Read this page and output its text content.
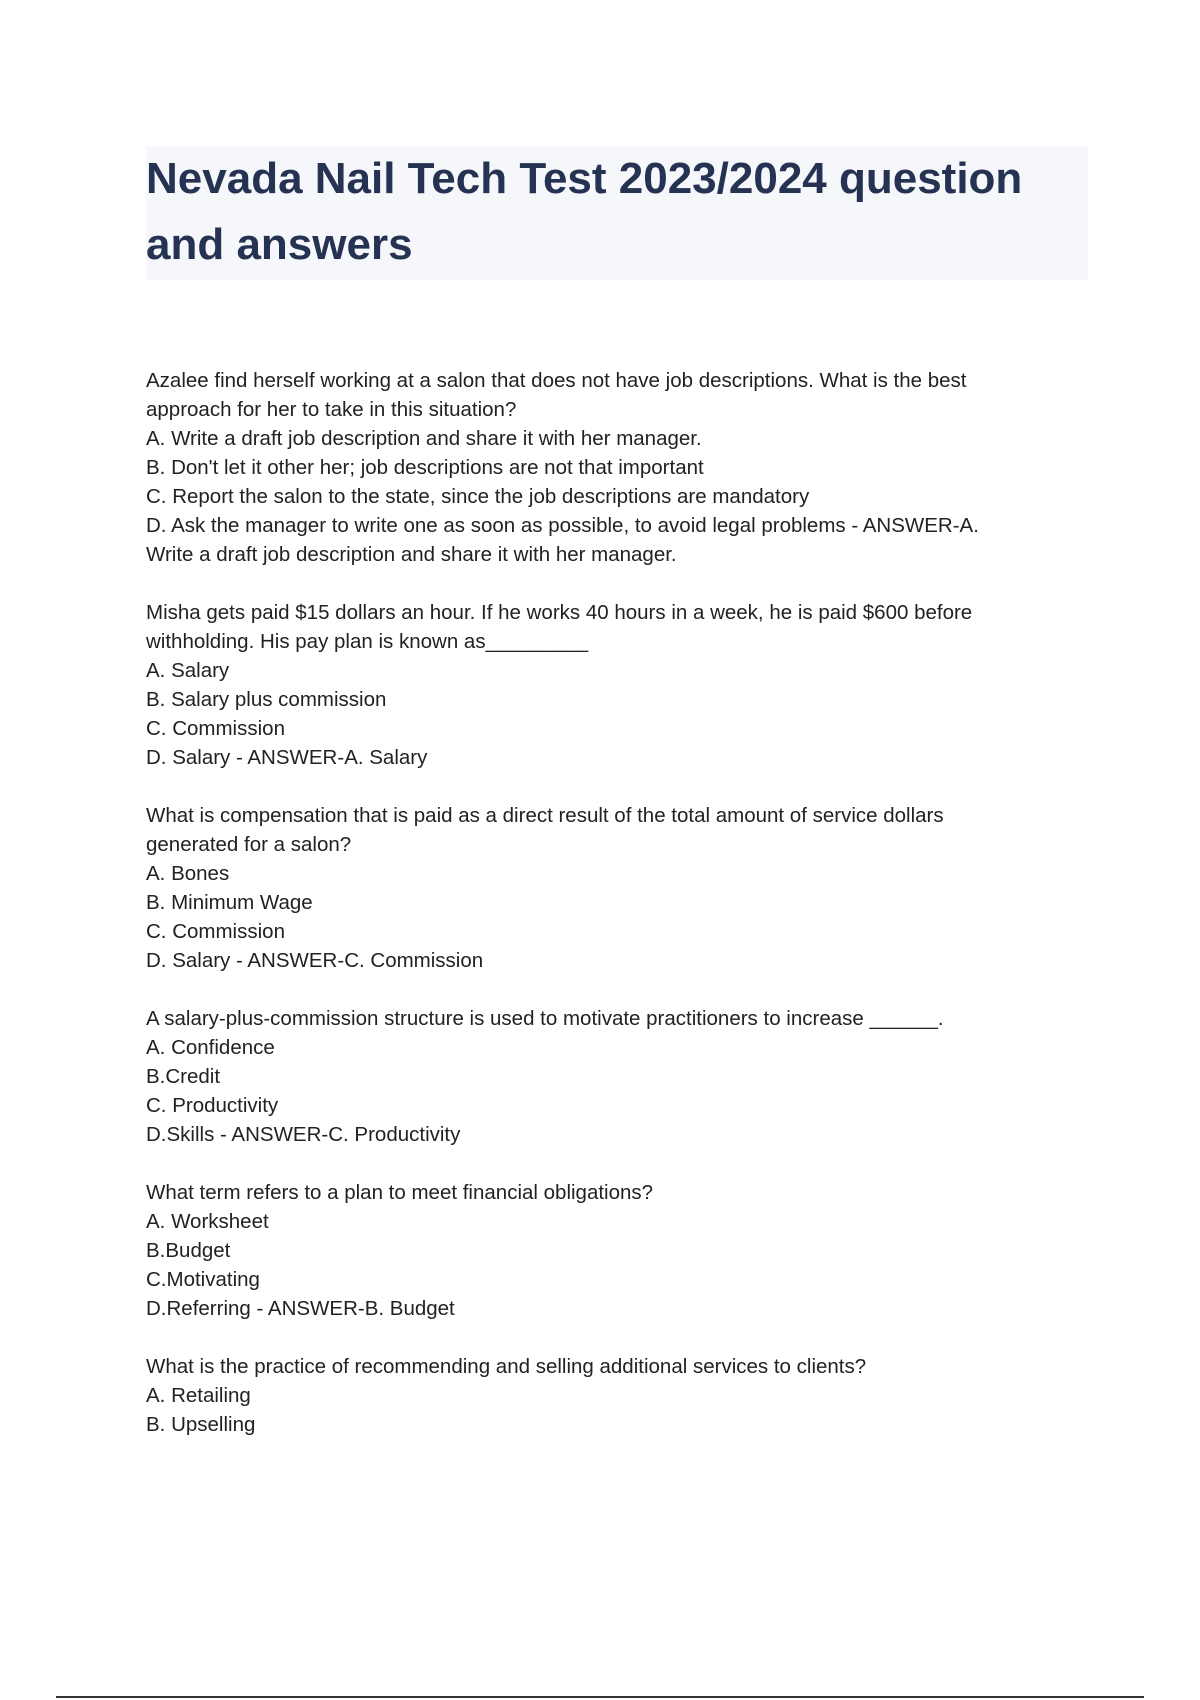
Nevada Nail Tech Test 2023/2024 question
and answers
Azalee find herself working at a salon that does not have job descriptions. What is the best
approach for her to take in this situation?
A. Write a draft job description and share it with her manager.
B. Don't let it other her; job descriptions are not that important
C. Report the salon to the state, since the job descriptions are mandatory
D. Ask the manager to write one as soon as possible, to avoid legal problems - ANSWER-A.
Write a draft job description and share it with her manager.
Misha gets paid $15 dollars an hour. If he works 40 hours in a week, he is paid $600 before
withholding. His pay plan is known as_________
A. Salary
B. Salary plus commission
C. Commission
D. Salary - ANSWER-A. Salary
What is compensation that is paid as a direct result of the total amount of service dollars
generated for a salon?
A. Bones
B. Minimum Wage
C. Commission
D. Salary - ANSWER-C. Commission
A salary-plus-commission structure is used to motivate practitioners to increase ______.
A. Confidence
B.Credit
C. Productivity
D.Skills - ANSWER-C. Productivity
What term refers to a plan to meet financial obligations?
A. Worksheet
B.Budget
C.Motivating
D.Referring - ANSWER-B. Budget
What is the practice of recommending and selling additional services to clients?
A. Retailing
B. Upselling
